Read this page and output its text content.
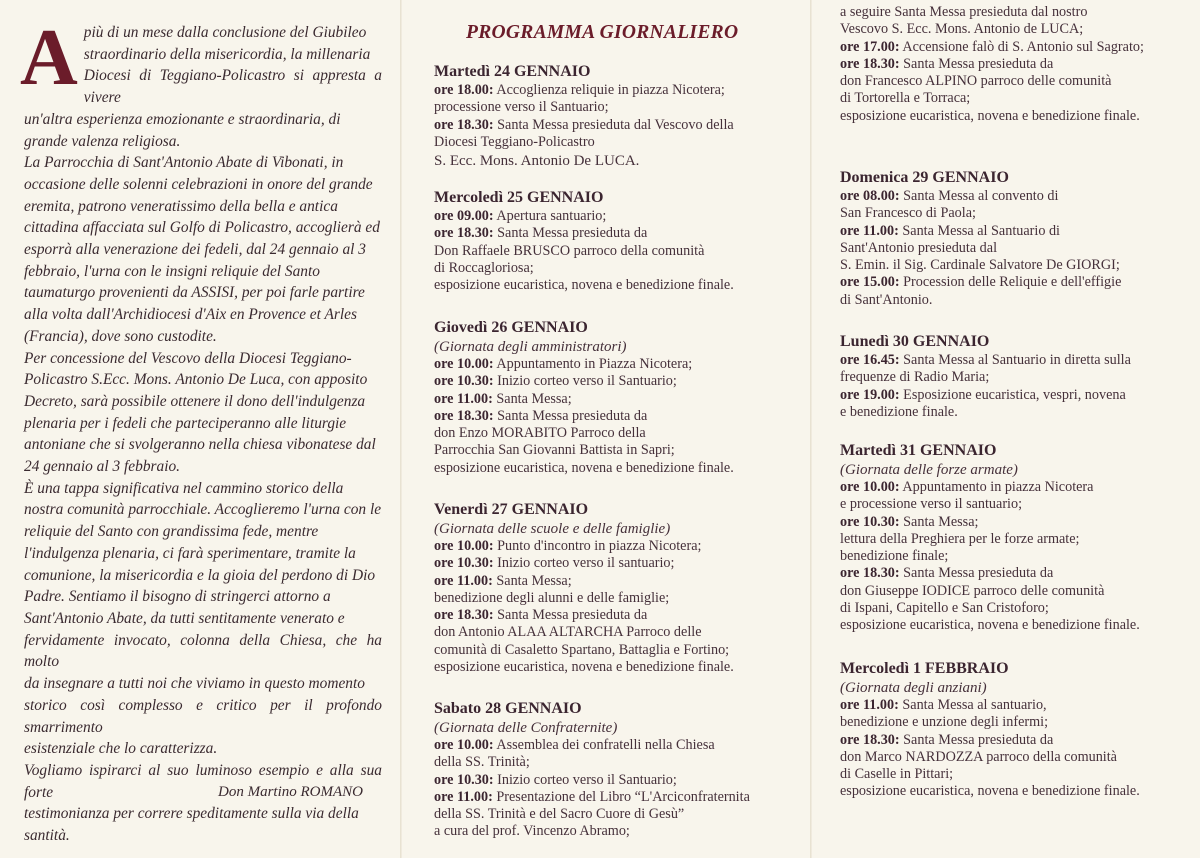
A più di un mese dalla conclusione del Giubileo

straordinario della misericordia, la millenaria

Diocesi di Teggiano-Policastro si appresta a vivere

un'altra esperienza emozionante e straordinaria, di

grande valenza religiosa.

La Parrocchia di Sant'Antonio Abate di Vibonati, in

occasione delle solenni celebrazioni in onore del grande

eremita, patrono veneratissimo della bella e antica

cittadina affacciata sul Golfo di Policastro, accoglierà ed

esporrà alla venerazione dei fedeli, dal 24 gennaio al 3

febbraio, l'urna con le insigni reliquie del Santo

taumaturgo provenienti da ASSISI, per poi farle partire

alla volta dall'Archidiocesi d'Aix en Provence et Arles

(Francia), dove sono custodite.

Per concessione del Vescovo della Diocesi Teggiano-

Policastro S.Ecc. Mons. Antonio De Luca, con apposito

Decreto, sarà possibile ottenere il dono dell'indulgenza

plenaria per i fedeli che parteciperanno alle liturgie

antoniane che si svolgeranno nella chiesa vibonatese dal

24 gennaio al 3 febbraio.

È una tappa significativa nel cammino storico della

nostra comunità parrocchiale. Accoglieremo l'urna con le

reliquie del Santo con grandissima fede, mentre

l'indulgenza plenaria, ci farà sperimentare, tramite la

comunione, la misericordia e la gioia del perdono di Dio

Padre. Sentiamo il bisogno di stringerci attorno a

Sant'Antonio Abate, da tutti sentitamente venerato e

fervidamente invocato, colonna della Chiesa, che ha molto

da insegnare a tutti noi che viviamo in questo momento

storico così complesso e critico per il profondo smarrimento

esistenziale che lo caratterizza.

Vogliamo ispirarci al suo luminoso esempio e alla sua forte

testimonianza per correre speditamente sulla via della

santità.

Don Martino ROMANO
PROGRAMMA GIORNALIERO
Martedì 24 GENNAIO
ore 18.00: Accoglienza reliquie in piazza Nicotera;
processione verso il Santuario;
ore 18.30: Santa Messa presieduta dal Vescovo della
Diocesi Teggiano-Policastro
S. Ecc. Mons. Antonio De LUCA.
Mercoledì 25 GENNAIO
ore 09.00: Apertura santuario;
ore 18.30: Santa Messa presieduta da
Don Raffaele BRUSCO parroco della comunità
di Roccagloriosa;
esposizione eucaristica, novena e benedizione finale.
Giovedì 26 GENNAIO
(Giornata degli amministratori)
ore 10.00: Appuntamento in Piazza Nicotera;
ore 10.30: Inizio corteo verso il Santuario;
ore 11.00: Santa Messa;
ore 18.30: Santa Messa presieduta da
don Enzo MORABITO Parroco della
Parrocchia San Giovanni Battista in Sapri;
esposizione eucaristica, novena e benedizione finale.
Venerdì 27 GENNAIO
(Giornata delle scuole e delle famiglie)
ore 10.00: Punto d'incontro in piazza Nicotera;
ore 10.30: Inizio corteo verso il santuario;
ore 11.00: Santa Messa;
benedizione degli alunni e delle famiglie;
ore 18.30: Santa Messa presieduta da
don Antonio ALAA ALTARCHA Parroco delle
comunità di Casaletto Spartano, Battaglia e Fortino;
esposizione eucaristica, novena e benedizione finale.
Sabato 28 GENNAIO
(Giornata delle Confraternite)
ore 10.00: Assemblea dei confratelli nella Chiesa
della SS. Trinità;
ore 10.30: Inizio corteo verso il Santuario;
ore 11.00: Presentazione del Libro “L'Arciconfraternita
della SS. Trinità e del Sacro Cuore di Gesù”
a cura del prof. Vincenzo Abramo;
a seguire Santa Messa presieduta dal nostro
Vescovo S. Ecc. Mons. Antonio de LUCA;
ore 17.00: Accensione falò di S. Antonio sul Sagrato;
ore 18.30: Santa Messa presieduta da
don Francesco ALPINO parroco delle comunità
di Tortorella e Torraca;
esposizione eucaristica, novena e benedizione finale.
Domenica 29 GENNAIO
ore 08.00: Santa Messa al convento di
San Francesco di Paola;
ore 11.00: Santa Messa al Santuario di
Sant'Antonio presieduta dal
S. Emin. il Sig. Cardinale Salvatore De GIORGI;
ore 15.00: Procession delle Reliquie e dell'effigie
di Sant'Antonio.
Lunedì 30 GENNAIO
ore 16.45: Santa Messa al Santuario in diretta sulla
frequenze di Radio Maria;
ore 19.00: Esposizione eucaristica, vespri, novena
e benedizione finale.
Martedì 31 GENNAIO
(Giornata delle forze armate)
ore 10.00: Appuntamento in piazza Nicotera
e processione verso il santuario;
ore 10.30: Santa Messa;
lettura della Preghiera per le forze armate;
benedizione finale;
ore 18.30: Santa Messa presieduta da
don Giuseppe IODICE parroco delle comunità
di Ispani, Capitello e San Cristoforo;
esposizione eucaristica, novena e benedizione finale.
Mercoledì 1 FEBBRAIO
(Giornata degli anziani)
ore 11.00: Santa Messa al santuario,
benedizione e unzione degli infermi;
ore 18.30: Santa Messa presieduta da
don Marco NARDOZZA parroco della comunità
di Caselle in Pittari;
esposizione eucaristica, novena e benedizione finale.
